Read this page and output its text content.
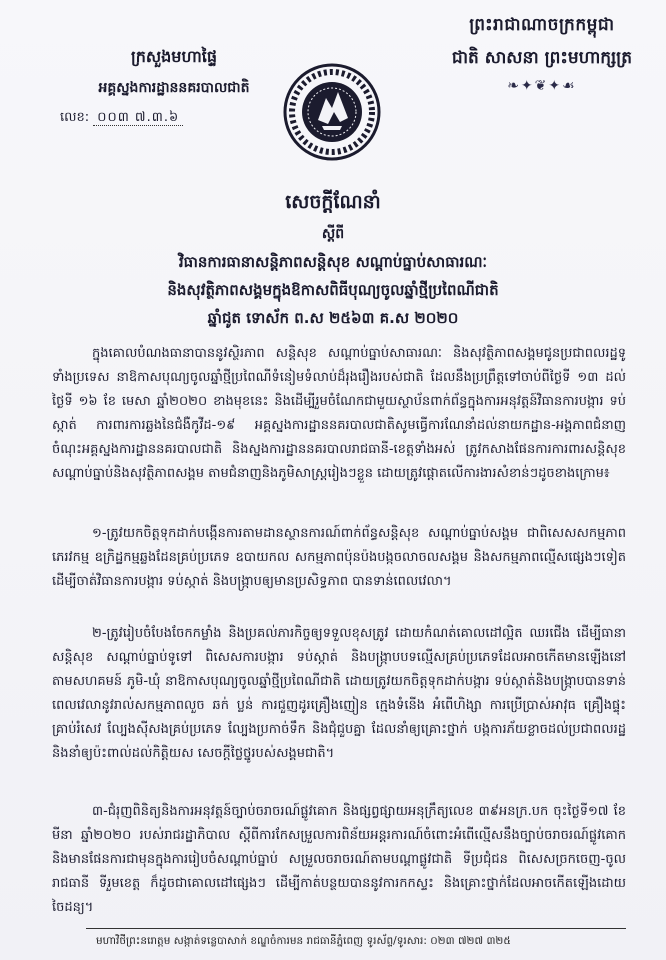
ព្រះរាជាណាចក្រកម្ពុជា
ជាតិ សាសនា ព្រះមហាក្សត្រ
❧✦❦✦☙
ក្រសួងមហាផ្ទៃ
អគ្គស្នងការដ្ឋាននគរបាលជាតិ
លេខ: ០០៣ ៧.៣.៦
សេចក្តីណែនាំ
ស្តីពី
វិធានការធានាសន្តិភាពសន្តិសុខ សណ្តាប់ធ្នាប់សាធារណៈ
និងសុវត្ថិភាពសង្គមក្នុងឱកាសពិធីបុណ្យចូលឆ្នាំថ្មីប្រពៃណីជាតិ
ឆ្នាំជូត ទោស័ក ព.ស ២៥៦៣ គ.ស ២០២០
ក្នុងគោលបំណងធានាបាននូវស្ថិរភាព សន្តិសុខ សណ្តាប់ធ្នាប់សាធារណៈ និងសុវត្ថិភាពសង្គមជូនប្រជាពលរដ្ឋទូទាំងប្រទេស នាឱកាសបុណ្យចូលឆ្នាំថ្មីប្រពៃណីទំនៀមទំលាប់ដ៏រុងរឿងរបស់ជាតិ ដែលនឹងប្រព្រឹត្តទៅចាប់ពីថ្ងៃទី ១៣ ដល់ថ្ងៃទី ១៦ ខែ មេសា ឆ្នាំ២០២០ ខាងមុខនេះ និងដើម្បីរួមចំណែកជាមួយស្ថាប័នពាក់ព័ន្ធក្នុងការអនុវត្តន៍វិធានការបង្ការ ទប់ស្កាត់ ការពារការឆ្លងនៃជំងឺកូវីដ-១៩ អគ្គស្នងការដ្ឋាននគរបាលជាតិសូមធ្វើការណែនាំដល់នាយកដ្ឋាន-អង្គភាពជំនាញ ចំណុះអគ្គស្នងការដ្ឋាននគរបាលជាតិ និងស្នងការដ្ឋាននគរបាលរាជធានី-ខេត្តទាំងអស់ ត្រូវកសាងផែនការការពារសន្តិសុខ សណ្តាប់ធ្នាប់និងសុវត្ថិភាពសង្គម តាមជំនាញនិងភូមិសាស្ត្ររៀងៗខ្លួន ដោយត្រូវផ្តោតលើការងារសំខាន់ៗដូចខាងក្រោម៖
១-ត្រូវយកចិត្តទុកដាក់បង្កើនការតាមដានស្ថានការណ៍ពាក់ព័ន្ធសន្តិសុខ សណ្តាប់ធ្នាប់សង្គម ជាពិសេសសកម្មភាពភេរវកម្ម ឧក្រិដ្ឋកម្មឆ្លងដែនគ្រប់ប្រភេទ ឧបាយកល សកម្មភាពប៉ុនប៉ងបង្កចលាចលសង្គម និងសកម្មភាពល្មើសផ្សេងៗទៀត ដើម្បីចាត់វិធានការបង្ការ ទប់ស្កាត់ និងបង្ក្រាបឲ្យមានប្រសិទ្ធភាព បានទាន់ពេលវេលា។
២-ត្រូវរៀបចំបែងចែកកម្លាំង និងប្រគល់ភារកិច្ចឲ្យទទួលខុសត្រូវ ដោយកំណត់គោលដៅល្អិត ឈរជើង ដើម្បីធានាសន្តិសុខ សណ្តាប់ធ្នាប់ទូទៅ ពិសេសការបង្ការ ទប់ស្កាត់ និងបង្ក្រាបបទល្មើសគ្រប់ប្រភេទដែលអាចកើតមានឡើងនៅតាមសហគមន៍ ភូមិ-ឃុំ នាឱកាសបុណ្យចូលឆ្នាំថ្មីប្រពៃណីជាតិ ដោយត្រូវយកចិត្តទុកដាក់បង្ការ ទប់ស្កាត់និងបង្ក្រាបបានទាន់ពេលវេលានូវរាល់សកម្មភាពលួច ឆក់ ប្លន់ ការជួញដូរគ្រឿងញៀន ក្មេងទំនើង អំពើហិង្សា ការប្រើប្រាស់អាវុធ គ្រឿងផ្ទុះ គ្រាប់រំសេវ ល្បែងស៊ីសងគ្រប់ប្រភេទ ល្បែងប្រកាច់ទឹក និងជុំជួបគ្នា ដែលនាំឲ្យគ្រោះថ្នាក់ បង្កការភ័យខ្លាចដល់ប្រជាពលរដ្ឋ និងនាំឲ្យប៉ះពាល់ដល់កិត្តិយស សេចក្តីថ្លៃថ្នូរបស់សង្គមជាតិ។
៣-ជំរុញពិនិត្យនិងការអនុវត្តន៍ច្បាប់ចរាចរណ៍ផ្លូវគោក និងផ្សព្វផ្សាយអនុក្រឹត្យលេខ ៣៩អនក្រ.បក ចុះថ្ងៃទី១៧ ខែមីនា ឆ្នាំ២០២០ របស់រាជរដ្ឋាភិបាល ស្តីពីការកែសម្រួលការពិន័យអន្តរការណ៍ចំពោះអំពើល្មើសនឹងច្បាប់ចរាចរណ៍ផ្លូវគោក និងមានផែនការជាមុនក្នុងការរៀបចំសណ្តាប់ធ្នាប់ សម្រួលចរាចរណ៍តាមបណ្តាផ្លូវជាតិ ទីប្រជុំជន ពិសេសច្រកចេញ-ចូលរាជធានី ទីរួមខេត្ត ក៏ដូចជាគោលដៅផ្សេងៗ ដើម្បីកាត់បន្ថយបាននូវការកកស្ទះ និងគ្រោះថ្នាក់ដែលអាចកើតឡើងដោយចៃដន្យ។
មហាវិថីព្រះនរោត្តម សង្កាត់ទន្លេបាសាក់ ខណ្ឌចំការមន រាជធានីភ្នំពេញ ទូរស័ព្ទ/ទូរសារ: ០២៣ ៧២៧ ៣២៥
